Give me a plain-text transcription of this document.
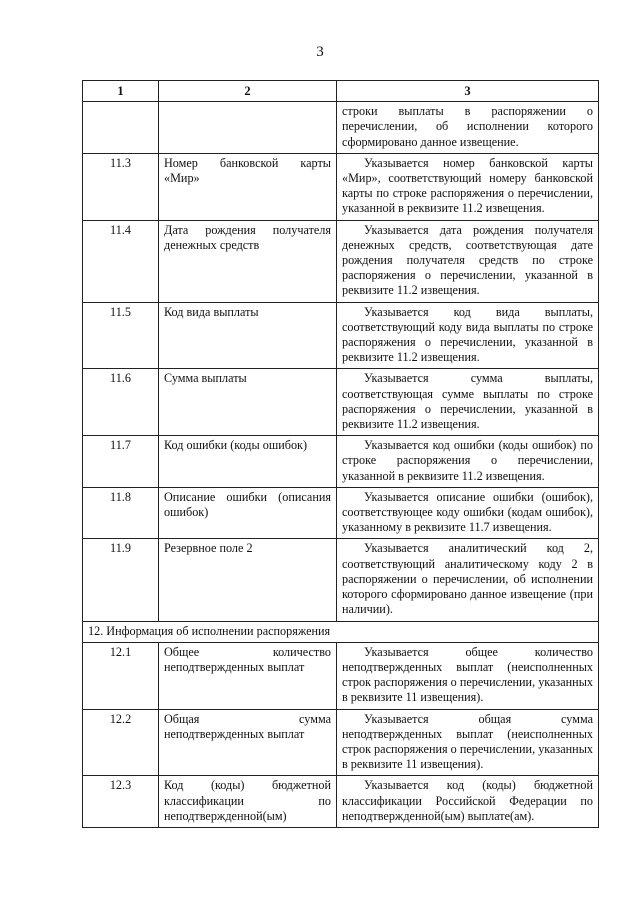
3
1	2	3
		строки выплаты в распоряжении о перечислении, об исполнении которого сформировано данное извещение.
11.3	Номер банковской карты «Мир»	Указывается номер банковской карты «Мир», соответствующий номеру банковской карты по строке распоряжения о перечислении, указанной в реквизите 11.2 извещения.
11.4	Дата рождения получателя денежных средств	Указывается дата рождения получателя денежных средств, соответствующая дате рождения получателя средств по строке распоряжения о перечислении, указанной в реквизите 11.2 извещения.
11.5	Код вида выплаты	Указывается код вида выплаты, соответствующий коду вида выплаты по строке распоряжения о перечислении, указанной в реквизите 11.2 извещения.
11.6	Сумма выплаты	Указывается сумма выплаты, соответствующая сумме выплаты по строке распоряжения о перечислении, указанной в реквизите 11.2 извещения.
11.7	Код ошибки (коды ошибок)	Указывается код ошибки (коды ошибок) по строке распоряжения о перечислении, указанной в реквизите 11.2 извещения.
11.8	Описание ошибки (описания ошибок)	Указывается описание ошибки (ошибок), соответствующее коду ошибки (кодам ошибок), указанному в реквизите 11.7 извещения.
11.9	Резервное поле 2	Указывается аналитический код 2, соответствующий аналитическому коду 2 в распоряжении о перечислении, об исполнении которого сформировано данное извещение (при наличии).
12. Информация об исполнении распоряжения		
12.1	Общее количество неподтвержденных выплат	Указывается общее количество неподтвержденных выплат (неисполненных строк распоряжения о перечислении, указанных в реквизите 11 извещения).
12.2	Общая сумма неподтвержденных выплат	Указывается общая сумма неподтвержденных выплат (неисполненных строк распоряжения о перечислении, указанных в реквизите 11 извещения).
12.3	Код (коды) бюджетной классификации по неподтвержденной(ым)	Указывается код (коды) бюджетной классификации Российской Федерации по неподтвержденной(ым) выплате(ам).
